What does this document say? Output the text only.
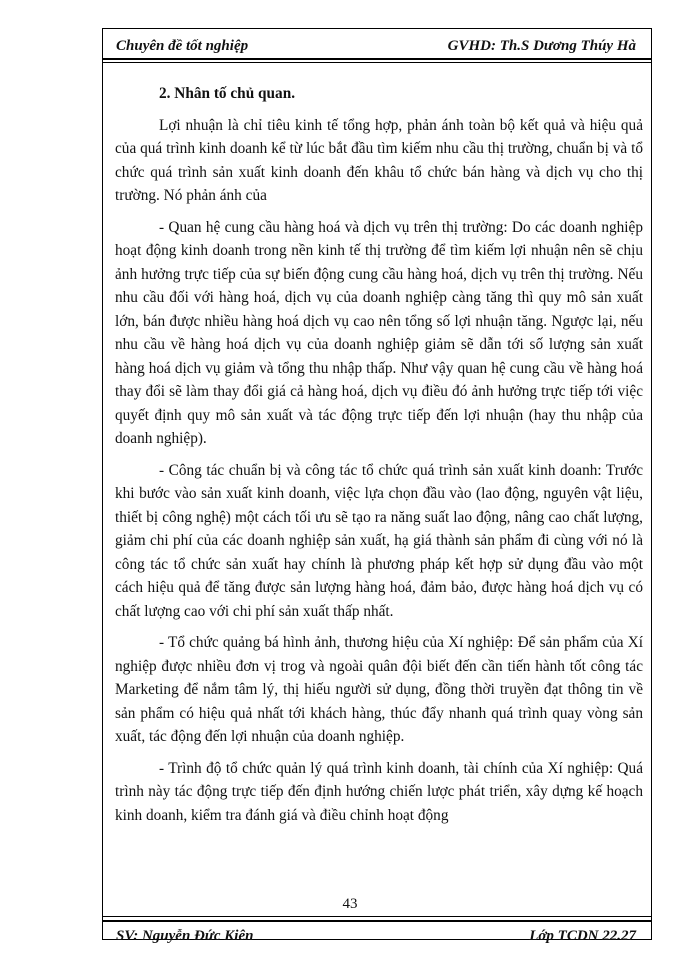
Chuyên đề tốt nghiệp	GVHD: Th.S Dương Thúy Hà
2. Nhân tố chủ quan.

Lợi nhuận là chỉ tiêu kinh tế tổng hợp, phản ánh toàn bộ kết quả và hiệu quả của quá trình kinh doanh kể từ lúc bắt đầu tìm kiếm nhu cầu thị trường, chuẩn bị và tổ chức quá trình sản xuất kinh doanh đến khâu tổ chức bán hàng và dịch vụ cho thị trường. Nó phản ánh của

- Quan hệ cung cầu hàng hoá và dịch vụ trên thị trường: Do các doanh nghiệp hoạt động kinh doanh trong nền kinh tế thị trường để tìm kiếm lợi nhuận nên sẽ chịu ảnh hưởng trực tiếp của sự biến động cung cầu hàng hoá, dịch vụ trên thị trường. Nếu nhu cầu đối với hàng hoá, dịch vụ của doanh nghiệp càng tăng thì quy mô sản xuất lớn, bán được nhiều hàng hoá dịch vụ cao nên tổng số lợi nhuận tăng. Ngược lại, nếu nhu cầu về hàng hoá dịch vụ của doanh nghiệp giảm sẽ dẫn tới số lượng sản xuất hàng hoá dịch vụ giảm và tổng thu nhập thấp. Như vậy quan hệ cung cầu về hàng hoá thay đổi sẽ làm thay đổi giá cả hàng hoá, dịch vụ điều đó ảnh hưởng trực tiếp tới việc quyết định quy mô sản xuất và tác động trực tiếp đến lợi nhuận (hay thu nhập của doanh nghiệp).

- Công tác chuẩn bị và công tác tổ chức quá trình sản xuất kinh doanh: Trước khi bước vào sản xuất kinh doanh, việc lựa chọn đầu vào (lao động, nguyên vật liệu, thiết bị công nghệ) một cách tối ưu sẽ tạo ra năng suất lao động, nâng cao chất lượng, giảm chi phí của các doanh nghiệp sản xuất, hạ giá thành sản phẩm đi cùng với nó là công tác tổ chức sản xuất hay chính là phương pháp kết hợp sử dụng đầu vào một cách hiệu quả để tăng được sản lượng hàng hoá, đảm bảo, được hàng hoá dịch vụ có chất lượng cao với chi phí sản xuất thấp nhất.

- Tổ chức quảng bá hình ảnh, thương hiệu của Xí nghiệp: Để sản phẩm của Xí nghiệp được nhiều đơn vị trog và ngoài quân đội biết đến cần tiến hành tốt công tác Marketing để nắm tâm lý, thị hiếu người sử dụng, đồng thời truyền đạt thông tin về sản phẩm có hiệu quả nhất tới khách hàng, thúc đẩy nhanh quá trình quay vòng sản xuất, tác động đến lợi nhuận của doanh nghiệp.

- Trình độ tổ chức quản lý quá trình kinh doanh, tài chính của Xí nghiệp: Quá trình này tác động trực tiếp đến định hướng chiến lược phát triển, xây dựng kế hoạch kinh doanh, kiểm tra đánh giá và điều chỉnh hoạt động

43
SV: Nguyễn Đức Kiên	Lớp TCDN 22.27
